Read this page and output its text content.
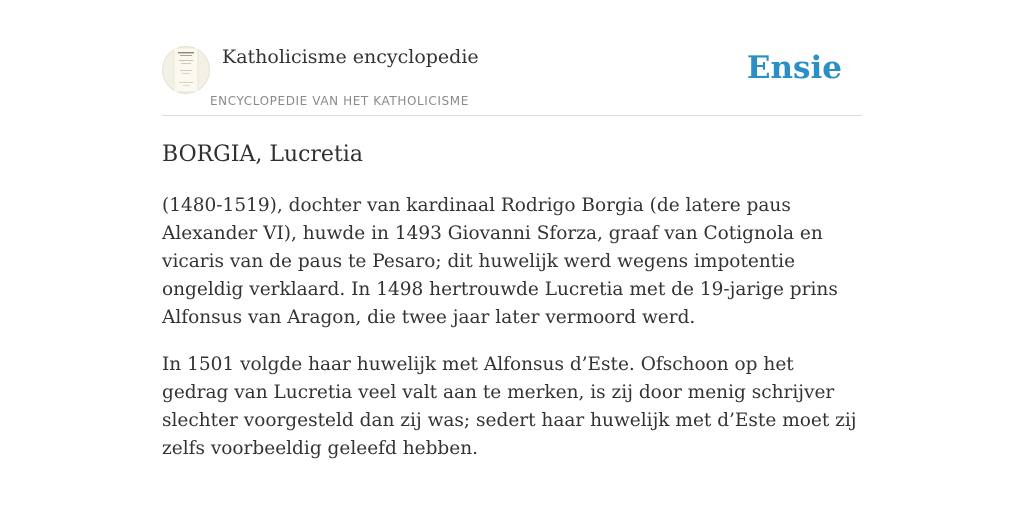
Katholicisme encyclopedie
ENCYCLOPEDIE VAN HET KATHOLICISME
Ensie
BORGIA, Lucretia

(1480-1519), dochter van kardinaal Rodrigo Borgia (de latere paus Alexander VI), huwde in 1493 Giovanni Sforza, graaf van Cotignola en vicaris van de paus te Pesaro; dit huwelijk werd wegens impotentie ongeldig verklaard. In 1498 hertrouwde Lucretia met de 19-jarige prins Alfonsus van Aragon, die twee jaar later vermoord werd.

In 1501 volgde haar huwelijk met Alfonsus d’Este. Ofschoon op het gedrag van Lucretia veel valt aan te merken, is zij door menig schrijver slechter voorgesteld dan zij was; sedert haar huwelijk met d’Este moet zij zelfs voorbeeldig geleefd hebben.
